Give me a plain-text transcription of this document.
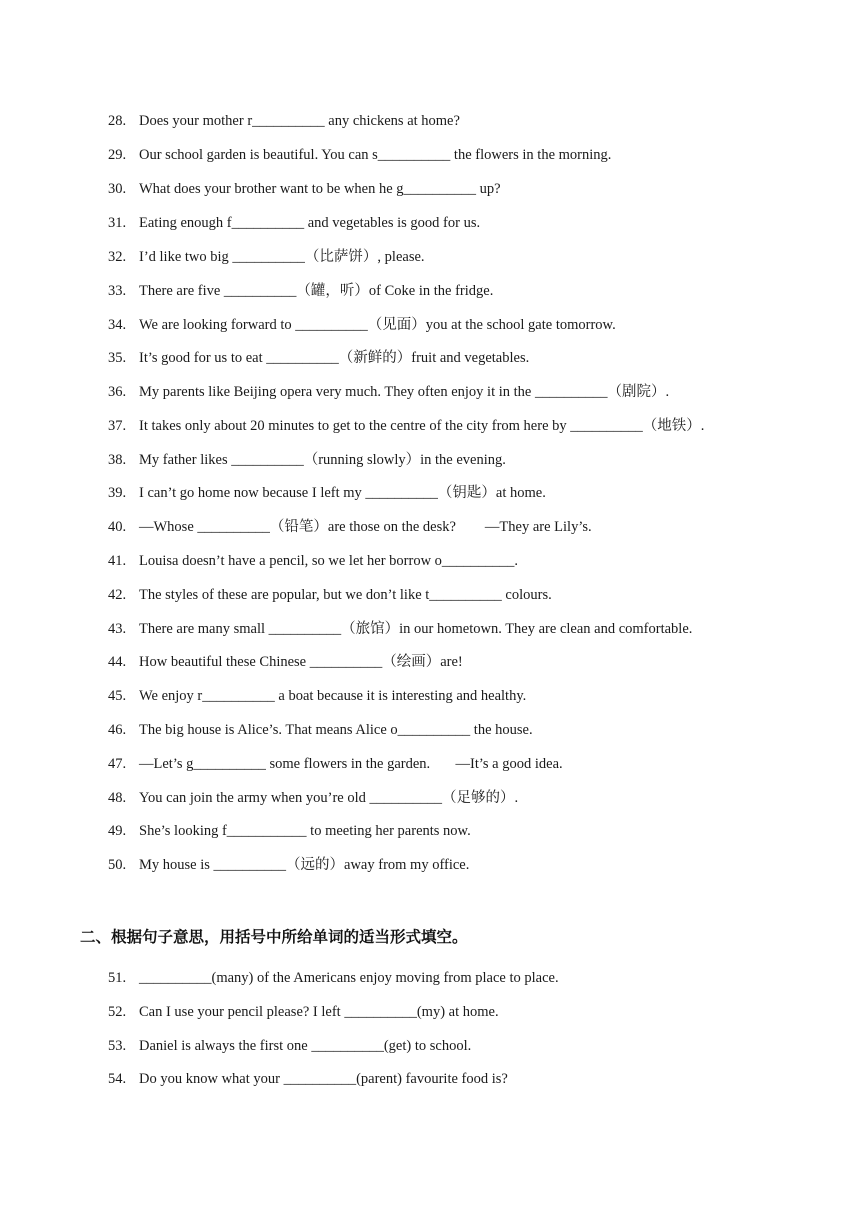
28. Does your mother r__________ any chickens at home?
29. Our school garden is beautiful. You can s__________ the flowers in the morning.
30. What does your brother want to be when he g__________ up?
31. Eating enough f__________ and vegetables is good for us.
32. I’d like two big __________（比萨饼）, please.
33. There are five __________（罐，听）of Coke in the fridge.
34. We are looking forward to __________（见面）you at the school gate tomorrow.
35. It’s good for us to eat __________（新鲜的）fruit and vegetables.
36. My parents like Beijing opera very much. They often enjoy it in the __________（剧院）.
37. It takes only about 20 minutes to get to the centre of the city from here by __________（地铁）.
38. My father likes __________（running slowly）in the evening.
39. I can’t go home now because I left my __________（钥匙）at home.
40. —Whose __________（铅笔）are those on the desk?        —They are Lily’s.
41. Louisa doesn’t have a pencil, so we let her borrow o__________.
42. The styles of these are popular, but we don’t like t__________ colours.
43. There are many small __________（旅馆）in our hometown. They are clean and comfortable.
44. How beautiful these Chinese __________（绘画）are!
45. We enjoy r__________ a boat because it is interesting and healthy.
46. The big house is Alice’s. That means Alice o__________ the house.
47. —Let’s g__________ some flowers in the garden.       —It’s a good idea.
48. You can join the army when you’re old __________（足够的）.
49. She’s looking f___________ to meeting her parents now.
50. My house is __________（远的）away from my office.
二、根据句子意思，用括号中所给单词的适当形式填空。
51. __________(many) of the Americans enjoy moving from place to place.
52. Can I use your pencil please? I left __________(my) at home.
53. Daniel is always the first one __________(get) to school.
54. Do you know what your __________(parent) favourite food is?
